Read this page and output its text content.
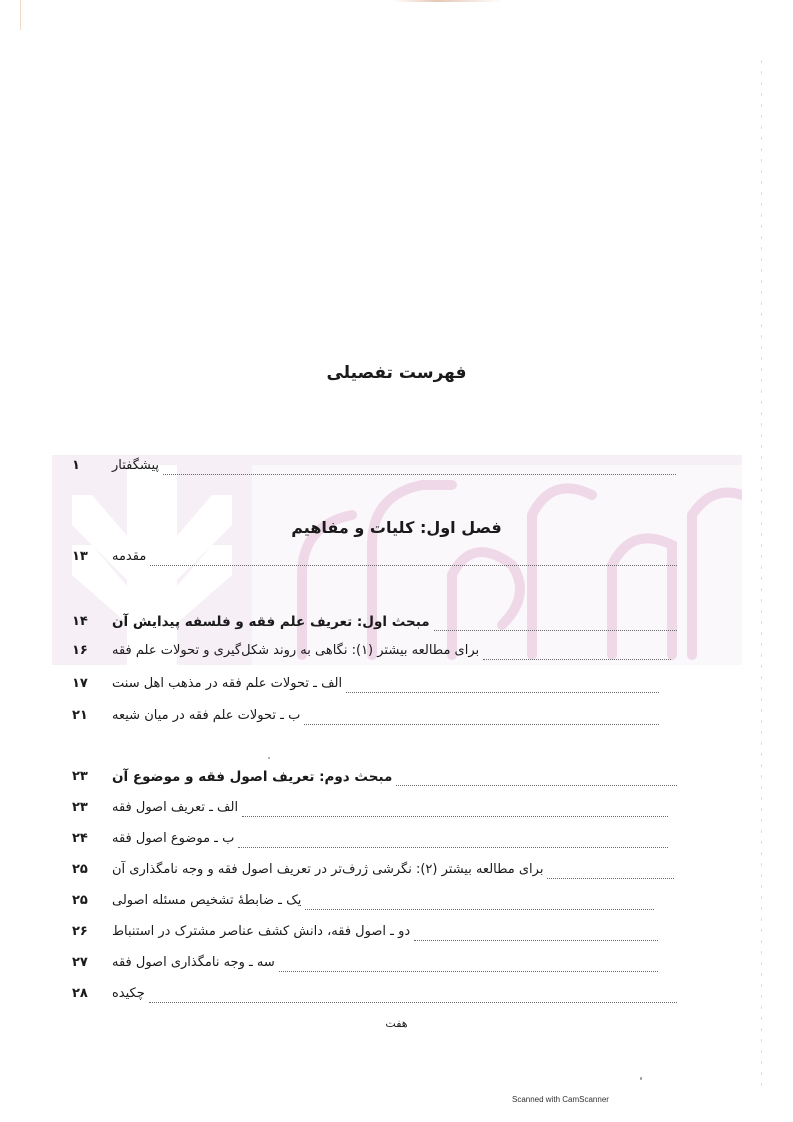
فهرست تفصیلی
پیشگفتار
۱
فصل اول: کلیات و مفاهیم
مقدمه
۱۳
مبحث اول: تعریف علم فقه و فلسفه پیدایش آن
۱۴
برای مطالعه بیشتر (۱): نگاهی به روند شکل‌گیری و تحولات علم فقه
۱۶
الف ـ تحولات علم فقه در مذهب اهل سنت
۱۷
ب ـ تحولات علم فقه در میان شیعه
۲۱
مبحث دوم: تعریف اصول فقه و موضوع آن
۲۳
الف ـ تعریف اصول فقه
۲۳
ب ـ موضوع اصول فقه
۲۴
برای مطالعه بیشتر (۲): نگرشی ژرف‌تر در تعریف اصول فقه و وجه نامگذاری آن
۲۵
یک ـ ضابطهٔ تشخیص مسئله اصولی
۲۵
دو ـ اصول فقه، دانش کشف عناصر مشترک در استنباط
۲۶
سه ـ وجه نامگذاری اصول فقه
۲۷
چکیده
۲۸
هفت
Scanned with CamScanner
